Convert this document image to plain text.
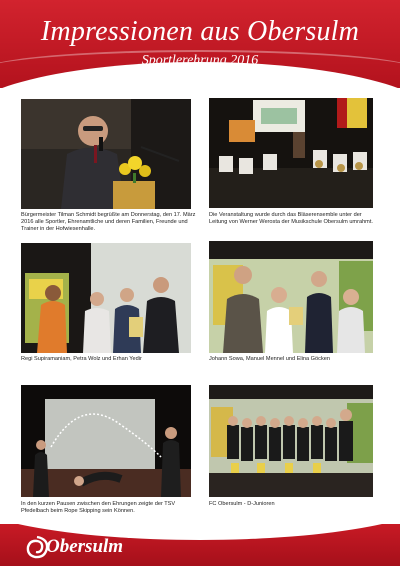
Impressionen aus Obersulm
Sportlerehrung 2016
Bürgermeister Tilman Schmidt begrüßte am Donnerstag, den 17. März 2016 alle Sportler, Ehrenamtliche und deren Familien, Freunde und Trainer in der Hofwiesenhalle.
Die Veranstaltung wurde durch das Bläserensemble unter der Leitung von Werner Werosta der Musikschule Obersulm umrahmt.
Regi Supiramaniam, Petra Wolz und Erhan Yedir	Johann Sowa, Manuel Mennel und Elina Göcken
In den kurzen Pausen zwischen den Ehrungen zeigte der TSV Pfedelbach beim Rope Skipping sein Können.
FC Obersulm - D-Junioren
Obersulm
